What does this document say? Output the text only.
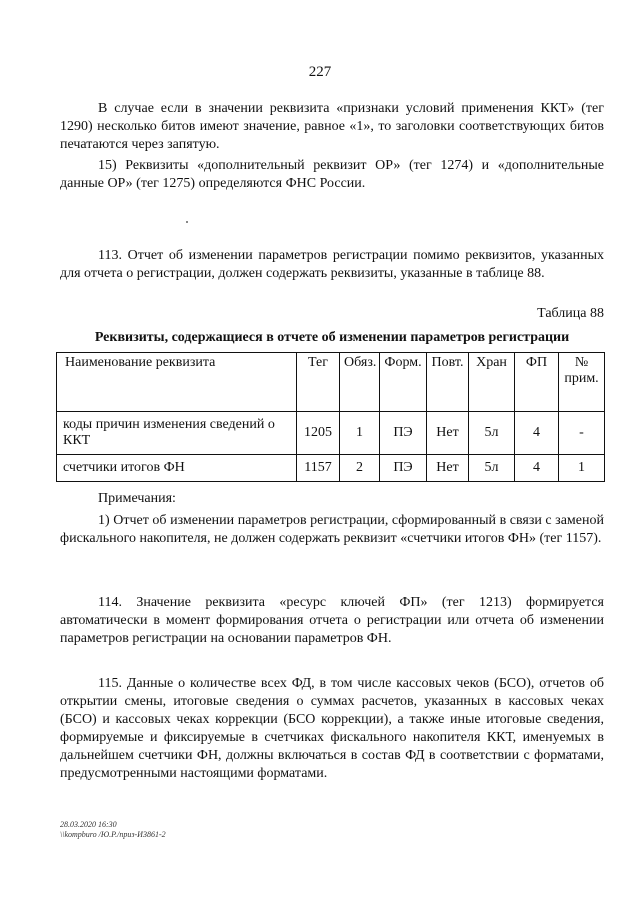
227

В случае если в значении реквизита «признаки условий применения ККТ» (тег 1290) несколько битов имеют значение, равное «1», то заголовки соответствующих битов печатаются через запятую.

15) Реквизиты «дополнительный реквизит ОР» (тег 1274) и «дополнительные данные ОР» (тег 1275) определяются ФНС России.

113. Отчет об изменении параметров регистрации помимо реквизитов, указанных для отчета о регистрации, должен содержать реквизиты, указанные в таблице 88.

Таблица 88
Реквизиты, содержащиеся в отчете об изменении параметров регистрации
Наименование реквизита	Тег	Обяз.	Форм.	Повт.	Хран	ФП	№ прим.
коды причин изменения сведений о ККТ	1205	1	ПЭ	Нет	5л	4	-
счетчики итогов ФН	1157	2	ПЭ	Нет	5л	4	1

Примечания:

1) Отчет об изменении параметров регистрации, сформированный в связи с заменой фискального накопителя, не должен содержать реквизит «счетчики итогов ФН» (тег 1157).

114. Значение реквизита «ресурс ключей ФП» (тег 1213) формируется автоматически в момент формирования отчета о регистрации или отчета об изменении параметров регистрации на основании параметров ФН.

115. Данные о количестве всех ФД, в том числе кассовых чеков (БСО), отчетов об открытии смены, итоговые сведения о суммах расчетов, указанных в кассовых чеках (БСО) и кассовых чеках коррекции (БСО коррекции), а также иные итоговые сведения, формируемые и фиксируемые в счетчиках фискального накопителя ККТ, именуемых в дальнейшем счетчики ФН, должны включаться в состав ФД в соответствии с форматами, предусмотренными настоящими форматами.

28.03.2020 16:30
\\kompburo /Ю.Р./приз-И3861-2
